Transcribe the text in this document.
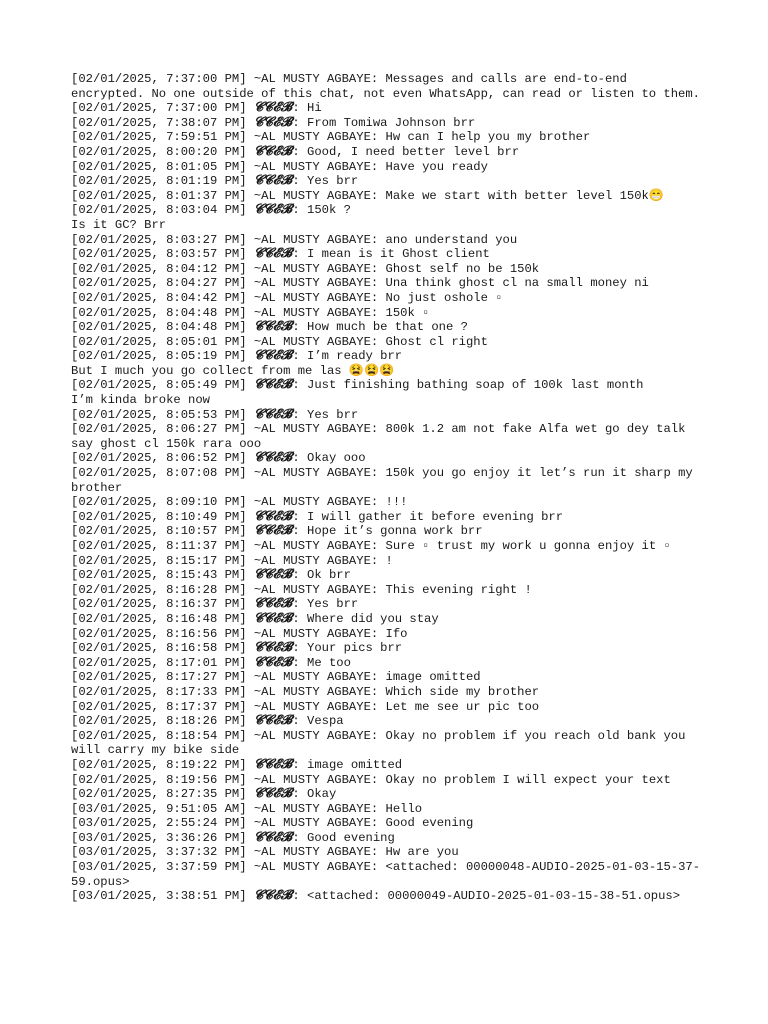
[02/01/2025, 7:37:00 PM] ~AL MUSTY AGBAYE: Messages and calls are end-to-end encrypted. No one outside of this chat, not even WhatsApp, can read or listen to them.

[02/01/2025, 7:37:00 PM] 𝓒𝓒𝓔𝓑: Hi

[02/01/2025, 7:38:07 PM] 𝓒𝓒𝓔𝓑: From Tomiwa Johnson brr

[02/01/2025, 7:59:51 PM] ~AL MUSTY AGBAYE: Hw can I help you my brother

[02/01/2025, 8:00:20 PM] 𝓒𝓒𝓔𝓑: Good, I need better level brr

[02/01/2025, 8:01:05 PM] ~AL MUSTY AGBAYE: Have you ready

[02/01/2025, 8:01:19 PM] 𝓒𝓒𝓔𝓑: Yes brr

[02/01/2025, 8:01:37 PM] ~AL MUSTY AGBAYE: Make we start with better level 150k😁

[02/01/2025, 8:03:04 PM] 𝓒𝓒𝓔𝓑: 150k ?
Is it GC? Brr

[02/01/2025, 8:03:27 PM] ~AL MUSTY AGBAYE: ano understand you

[02/01/2025, 8:03:57 PM] 𝓒𝓒𝓔𝓑: I mean is it Ghost client

[02/01/2025, 8:04:12 PM] ~AL MUSTY AGBAYE: Ghost self no be 150k

[02/01/2025, 8:04:27 PM] ~AL MUSTY AGBAYE: Una think ghost cl na small money ni

[02/01/2025, 8:04:42 PM] ~AL MUSTY AGBAYE: No just oshole ▫

[02/01/2025, 8:04:48 PM] ~AL MUSTY AGBAYE: 150k ▫

[02/01/2025, 8:04:48 PM] 𝓒𝓒𝓔𝓑: How much be that one ?

[02/01/2025, 8:05:01 PM] ~AL MUSTY AGBAYE: Ghost cl right

[02/01/2025, 8:05:19 PM] 𝓒𝓒𝓔𝓑: I’m ready brr
But I much you go collect from me las 😫😫😫

[02/01/2025, 8:05:49 PM] 𝓒𝓒𝓔𝓑: Just finishing bathing soap of 100k last month
I’m kinda broke now

[02/01/2025, 8:05:53 PM] 𝓒𝓒𝓔𝓑: Yes brr

[02/01/2025, 8:06:27 PM] ~AL MUSTY AGBAYE: 800k 1.2 am not fake Alfa wet go dey talk say ghost cl 150k rara ooo

[02/01/2025, 8:06:52 PM] 𝓒𝓒𝓔𝓑: Okay ooo

[02/01/2025, 8:07:08 PM] ~AL MUSTY AGBAYE: 150k you go enjoy it let’s run it sharp my brother

[02/01/2025, 8:09:10 PM] ~AL MUSTY AGBAYE: !!!

[02/01/2025, 8:10:49 PM] 𝓒𝓒𝓔𝓑: I will gather it before evening brr

[02/01/2025, 8:10:57 PM] 𝓒𝓒𝓔𝓑: Hope it’s gonna work brr

[02/01/2025, 8:11:37 PM] ~AL MUSTY AGBAYE: Sure ▫ trust my work u gonna enjoy it ▫

[02/01/2025, 8:15:17 PM] ~AL MUSTY AGBAYE: !

[02/01/2025, 8:15:43 PM] 𝓒𝓒𝓔𝓑: Ok brr

[02/01/2025, 8:16:28 PM] ~AL MUSTY AGBAYE: This evening right !

[02/01/2025, 8:16:37 PM] 𝓒𝓒𝓔𝓑: Yes brr

[02/01/2025, 8:16:48 PM] 𝓒𝓒𝓔𝓑: Where did you stay

[02/01/2025, 8:16:56 PM] ~AL MUSTY AGBAYE: Ifo

[02/01/2025, 8:16:58 PM] 𝓒𝓒𝓔𝓑: Your pics brr

[02/01/2025, 8:17:01 PM] 𝓒𝓒𝓔𝓑: Me too

[02/01/2025, 8:17:27 PM] ~AL MUSTY AGBAYE: image omitted

[02/01/2025, 8:17:33 PM] ~AL MUSTY AGBAYE: Which side my brother

[02/01/2025, 8:17:37 PM] ~AL MUSTY AGBAYE: Let me see ur pic too

[02/01/2025, 8:18:26 PM] 𝓒𝓒𝓔𝓑: Vespa

[02/01/2025, 8:18:54 PM] ~AL MUSTY AGBAYE: Okay no problem if you reach old bank you will carry my bike side

[02/01/2025, 8:19:22 PM] 𝓒𝓒𝓔𝓑: image omitted

[02/01/2025, 8:19:56 PM] ~AL MUSTY AGBAYE: Okay no problem I will expect your text

[02/01/2025, 8:27:35 PM] 𝓒𝓒𝓔𝓑: Okay

[03/01/2025, 9:51:05 AM] ~AL MUSTY AGBAYE: Hello

[03/01/2025, 2:55:24 PM] ~AL MUSTY AGBAYE: Good evening

[03/01/2025, 3:36:26 PM] 𝓒𝓒𝓔𝓑: Good evening

[03/01/2025, 3:37:32 PM] ~AL MUSTY AGBAYE: Hw are you

[03/01/2025, 3:37:59 PM] ~AL MUSTY AGBAYE: <attached: 00000048-AUDIO-2025-01-03-15-37-59.opus>

[03/01/2025, 3:38:51 PM] 𝓒𝓒𝓔𝓑: <attached: 00000049-AUDIO-2025-01-03-15-38-51.opus>
